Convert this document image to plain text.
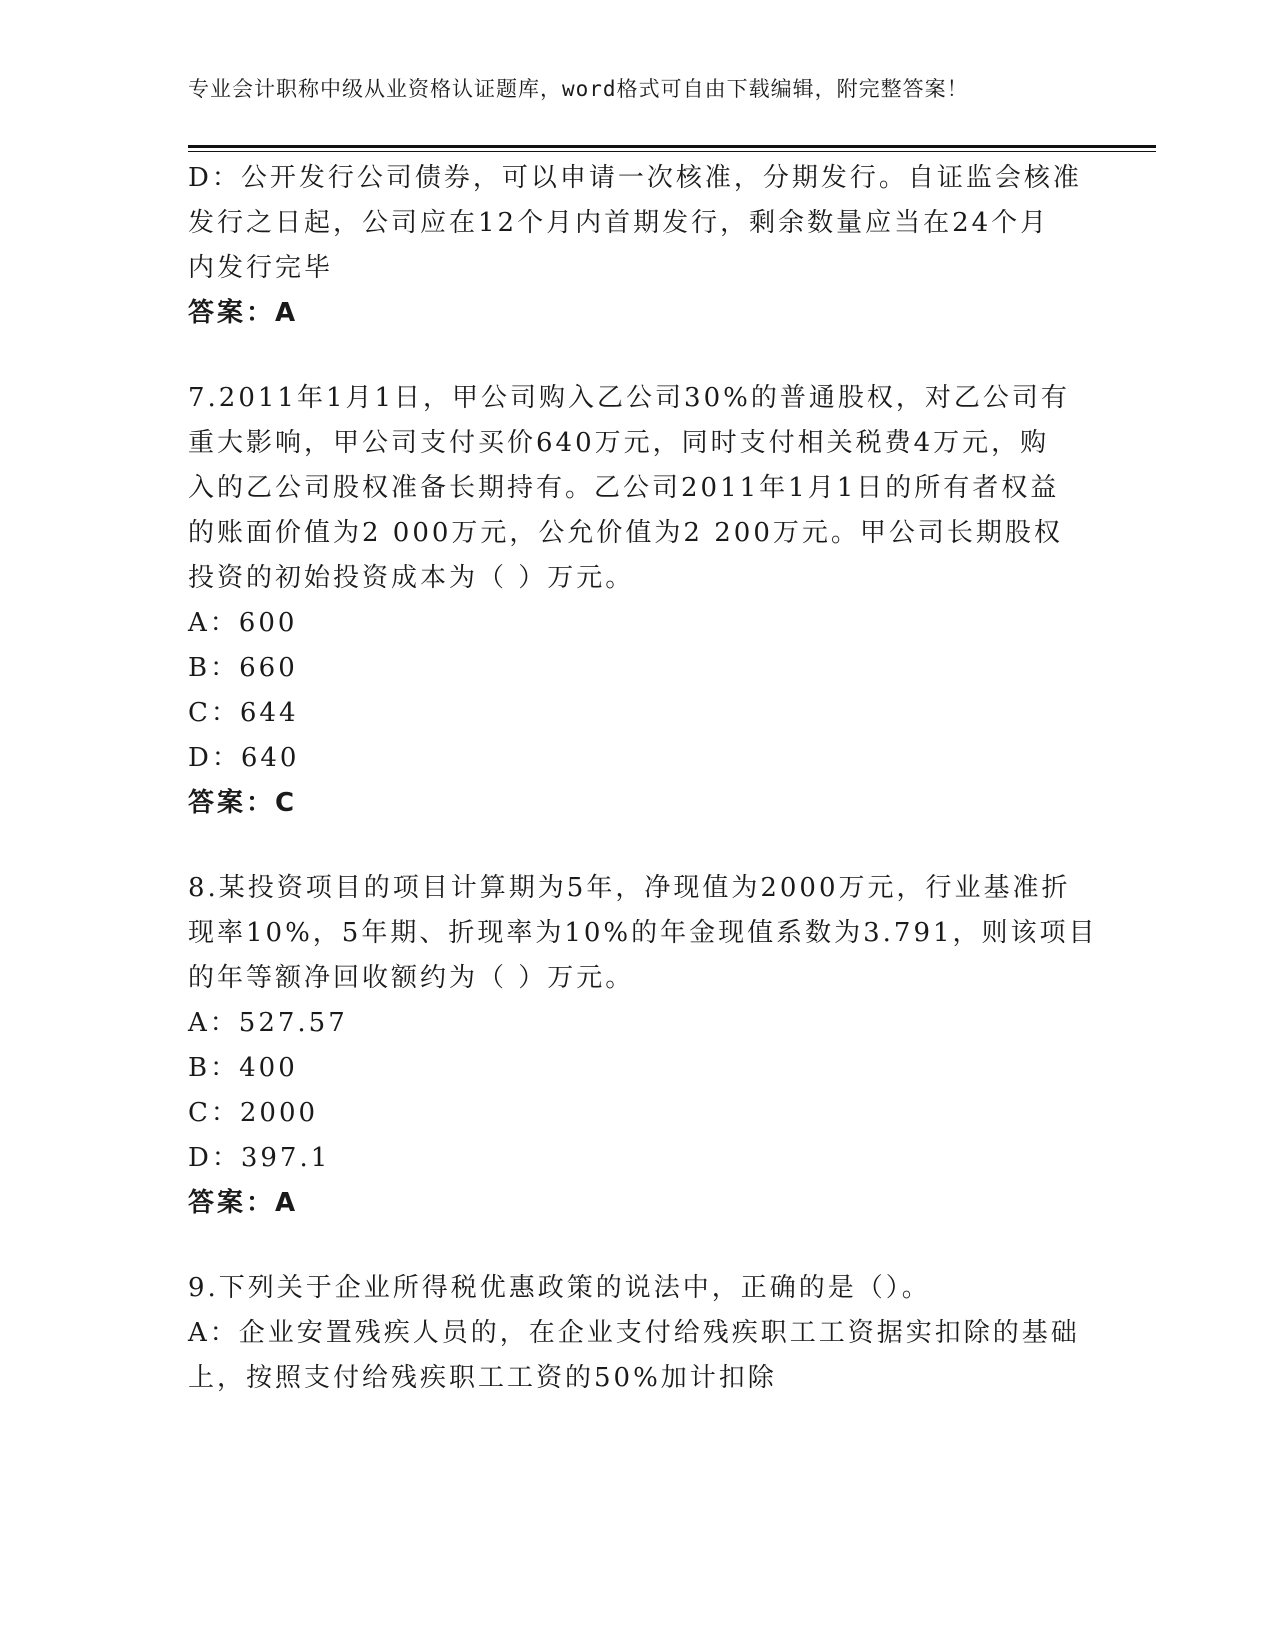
专业会计职称中级从业资格认证题库，word格式可自由下载编辑，附完整答案！
D：公开发行公司债券，可以申请一次核准，分期发行。自证监会核准
发行之日起，公司应在12个月内首期发行，剩余数量应当在24个月
内发行完毕
答案：A
7.2011年1月1日，甲公司购入乙公司30%的普通股权，对乙公司有
重大影响，甲公司支付买价640万元，同时支付相关税费4万元，购
入的乙公司股权准备长期持有。乙公司2011年1月1日的所有者权益
的账面价值为2 000万元，公允价值为2 200万元。甲公司长期股权
投资的初始投资成本为（ ）万元。
A：600
B：660
C：644
D：640
答案：C
8.某投资项目的项目计算期为5年，净现值为2000万元，行业基准折
现率10%，5年期、折现率为10%的年金现值系数为3.791，则该项目
的年等额净回收额约为（ ）万元。
A：527.57
B：400
C：2000
D：397.1
答案：A
9.下列关于企业所得税优惠政策的说法中，正确的是（）。
A：企业安置残疾人员的，在企业支付给残疾职工工资据实扣除的基础
上，按照支付给残疾职工工资的50%加计扣除
